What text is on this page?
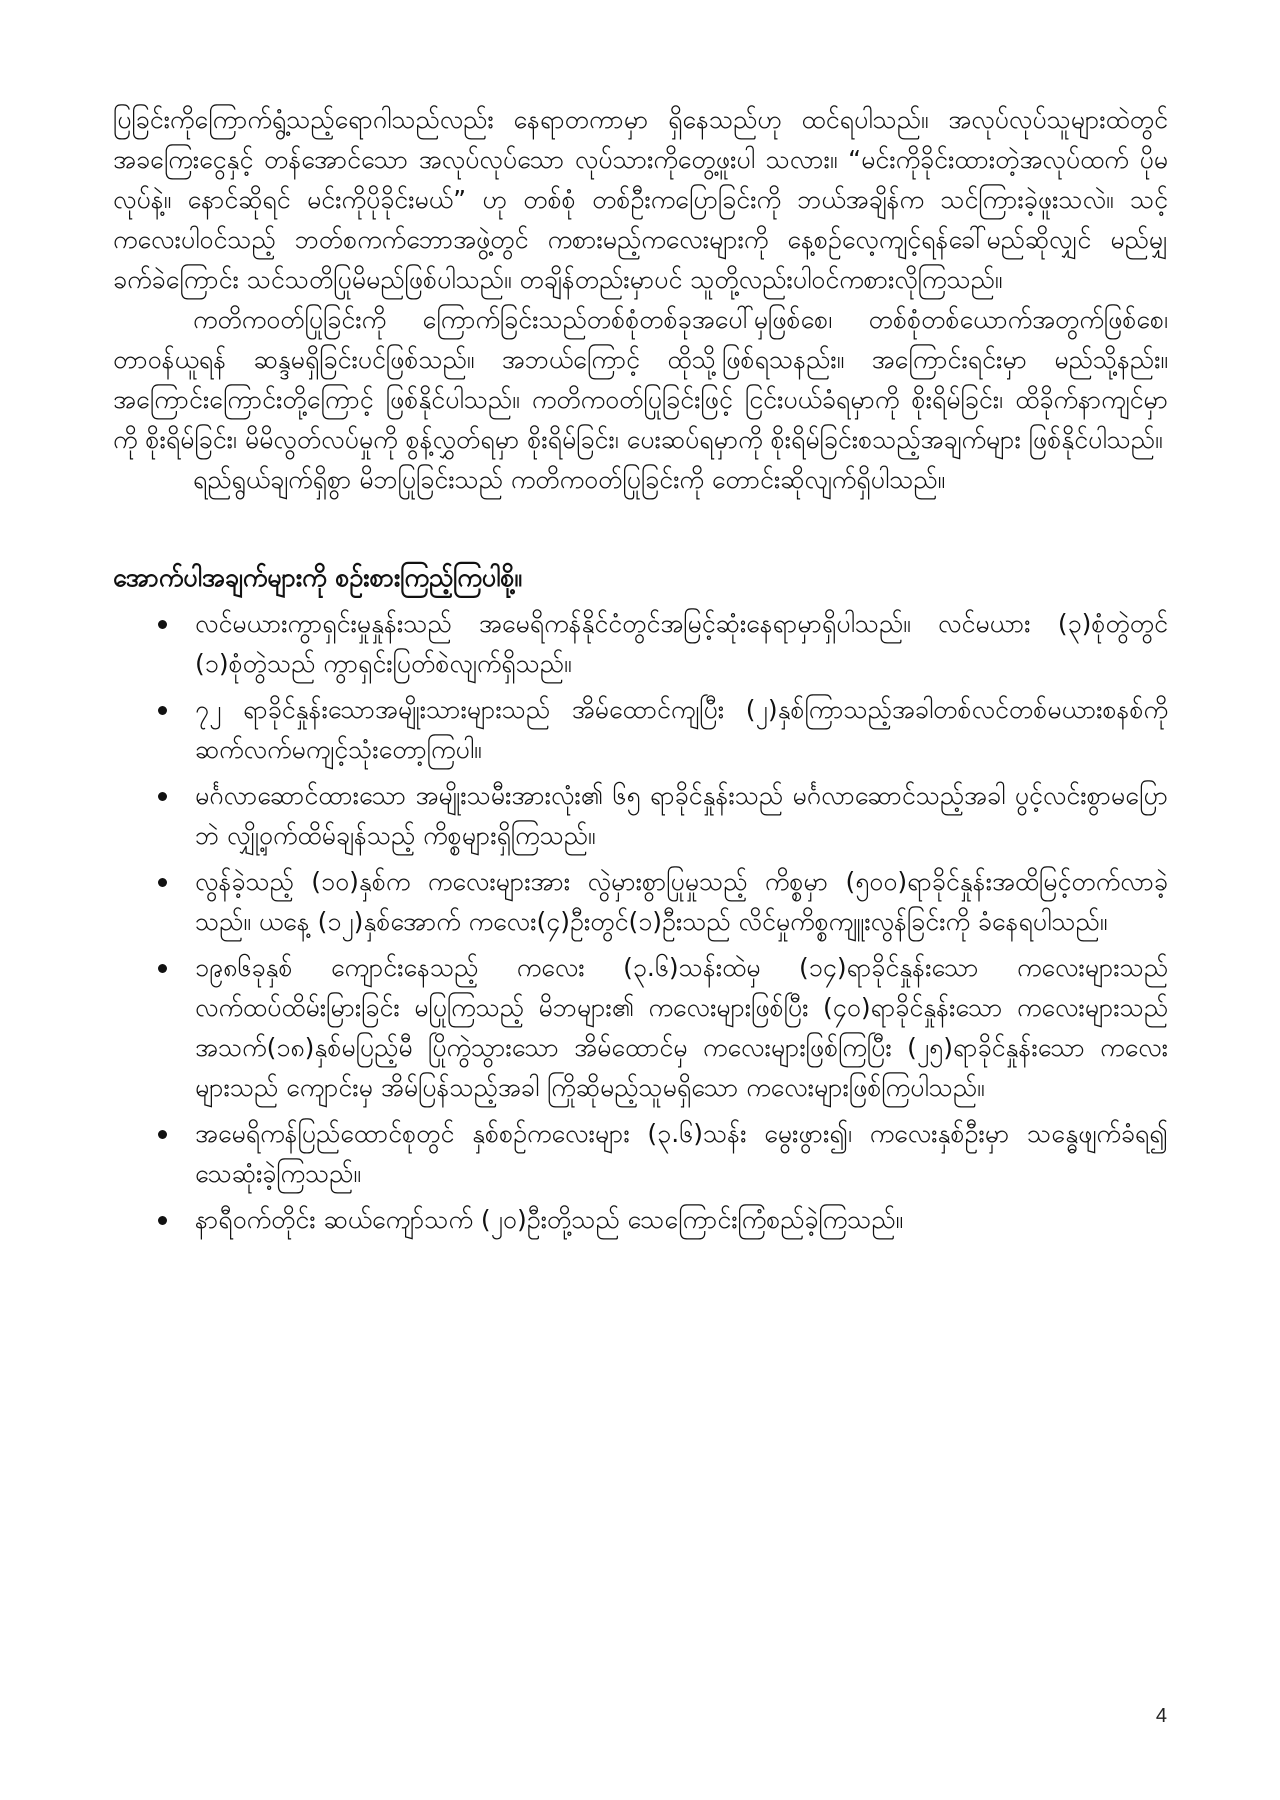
ပြခြင်းကိုကြောက်ရွံ့သည့်ရောဂါသည်လည်း နေရာတကာမှာ ရှိနေသည်ဟု ထင်ရပါသည်။ အလုပ်လုပ်သူများထဲတွင် အခကြေးငွေနှင့် တန်အောင်သော အလုပ်လုပ်သော လုပ်သားကိုတွေ့ဖူးပါ သလား။ “မင်းကိုခိုင်းထားတဲ့အလုပ်ထက် ပိုမလုပ်နဲ့။ နောင်ဆိုရင် မင်းကိုပိုခိုင်းမယ်” ဟု တစ်စုံ တစ်ဦးကပြောခြင်းကို ဘယ်အချိန်က သင်ကြားခဲ့ဖူးသလဲ။ သင့်ကလေးပါဝင်သည့် ဘတ်စကက်ဘောအဖွဲ့တွင် ကစားမည့်ကလေးများကို နေ့စဉ်လေ့ကျင့်ရန်ခေါ်မည်ဆိုလျှင် မည်မျှခက်ခဲကြောင်း သင်သတိပြုမိမည်ဖြစ်ပါသည်။ တချိန်တည်းမှာပင် သူတို့လည်းပါဝင်ကစားလိုကြသည်။

ကတိကဝတ်ပြုခြင်းကို ကြောက်ခြင်းသည်တစ်စုံတစ်ခုအပေါ်မှဖြစ်စေ၊ တစ်စုံတစ်ယောက်အတွက်ဖြစ်စေ၊ တာဝန်ယူရန် ဆန္ဒမရှိခြင်းပင်ဖြစ်သည်။ အဘယ်ကြောင့် ထိုသို့ဖြစ်ရသနည်း။ အကြောင်းရင်းမှာ မည်သို့နည်း။ အကြောင်းကြောင်းတို့ကြောင့် ဖြစ်နိုင်ပါသည်။ ကတိကဝတ်ပြုခြင်းဖြင့် ငြင်းပယ်ခံရမှာကို စိုးရိမ်ခြင်း၊ ထိခိုက်နာကျင်မှာကို စိုးရိမ်ခြင်း၊ မိမိလွတ်လပ်မှုကို စွန့်လွှတ်ရမှာ စိုးရိမ်ခြင်း၊ ပေးဆပ်ရမှာကို စိုးရိမ်ခြင်းစသည့်အချက်များ ဖြစ်နိုင်ပါသည်။

ရည်ရွယ်ချက်ရှိစွာ မိဘပြုခြင်းသည် ကတိကဝတ်ပြုခြင်းကို တောင်းဆိုလျက်ရှိပါသည်။

အောက်ပါအချက်များကို စဉ်းစားကြည့်ကြပါစို့။
လင်မယားကွာရှင်းမှုနှုန်းသည် အမေရိကန်နိုင်ငံတွင်အမြင့်ဆုံးနေရာမှာရှိပါသည်။ လင်မယား (၃)စုံတွဲတွင် (၁)စုံတွဲသည် ကွာရှင်းပြတ်စဲလျက်ရှိသည်။
၇၂ ရာခိုင်နှုန်းသောအမျိုးသားများသည် အိမ်ထောင်ကျပြီး (၂)နှစ်ကြာသည့်အခါတစ်လင်တစ်မယားစနစ်ကို ဆက်လက်မကျင့်သုံးတော့ကြပါ။
မင်္ဂလာဆောင်ထားသော အမျိုးသမီးအားလုံး၏ ၆၅ ရာခိုင်နှုန်းသည် မင်္ဂလာဆောင်သည့်အခါ ပွင့်လင်းစွာမပြောဘဲ လျှို့ဝှက်ထိမ်ချန်သည့် ကိစ္စများရှိကြသည်။
လွန်ခဲ့သည့် (၁၀)နှစ်က ကလေးများအား လွဲမှားစွာပြုမှုသည့် ကိစ္စမှာ (၅၀၀)ရာခိုင်နှုန်းအထိမြင့်တက်လာခဲ့သည်။ ယနေ့ (၁၂)နှစ်အောက် ကလေး(၄)ဦးတွင်(၁)ဦးသည် လိင်မှုကိစ္စကျူးလွန်ခြင်းကို ခံနေရပါသည်။
၁၉၈၆ခုနှစ် ကျောင်းနေသည့် ကလေး (၃.၆)သန်းထဲမှ (၁၄)ရာခိုင်နှုန်းသော ကလေးများသည် လက်ထပ်ထိမ်းမြားခြင်း မပြုကြသည့် မိဘများ၏ ကလေးများဖြစ်ပြီး (၄၀)ရာခိုင်နှုန်းသော ကလေးများသည် အသက်(၁၈)နှစ်မပြည့်မီ ပြိုကွဲသွားသော အိမ်ထောင်မှ ကလေးများဖြစ်ကြပြီး (၂၅)ရာခိုင်နှုန်းသော ကလေးများသည် ကျောင်းမှ အိမ်ပြန်သည့်အခါ ကြိုဆိုမည့်သူမရှိသော ကလေးများဖြစ်ကြပါသည်။
အမေရိကန်ပြည်ထောင်စုတွင် နှစ်စဉ်ကလေးများ (၃.၆)သန်း မွေးဖွား၍၊ ကလေးနှစ်ဦးမှာ သန္ဓေဖျက်ခံရ၍ သေဆုံးခဲ့ကြသည်။
နာရီဝက်တိုင်း ဆယ်ကျော်သက် (၂၀)ဦးတို့သည် သေကြောင်းကြံစည်ခဲ့ကြသည်။
4
